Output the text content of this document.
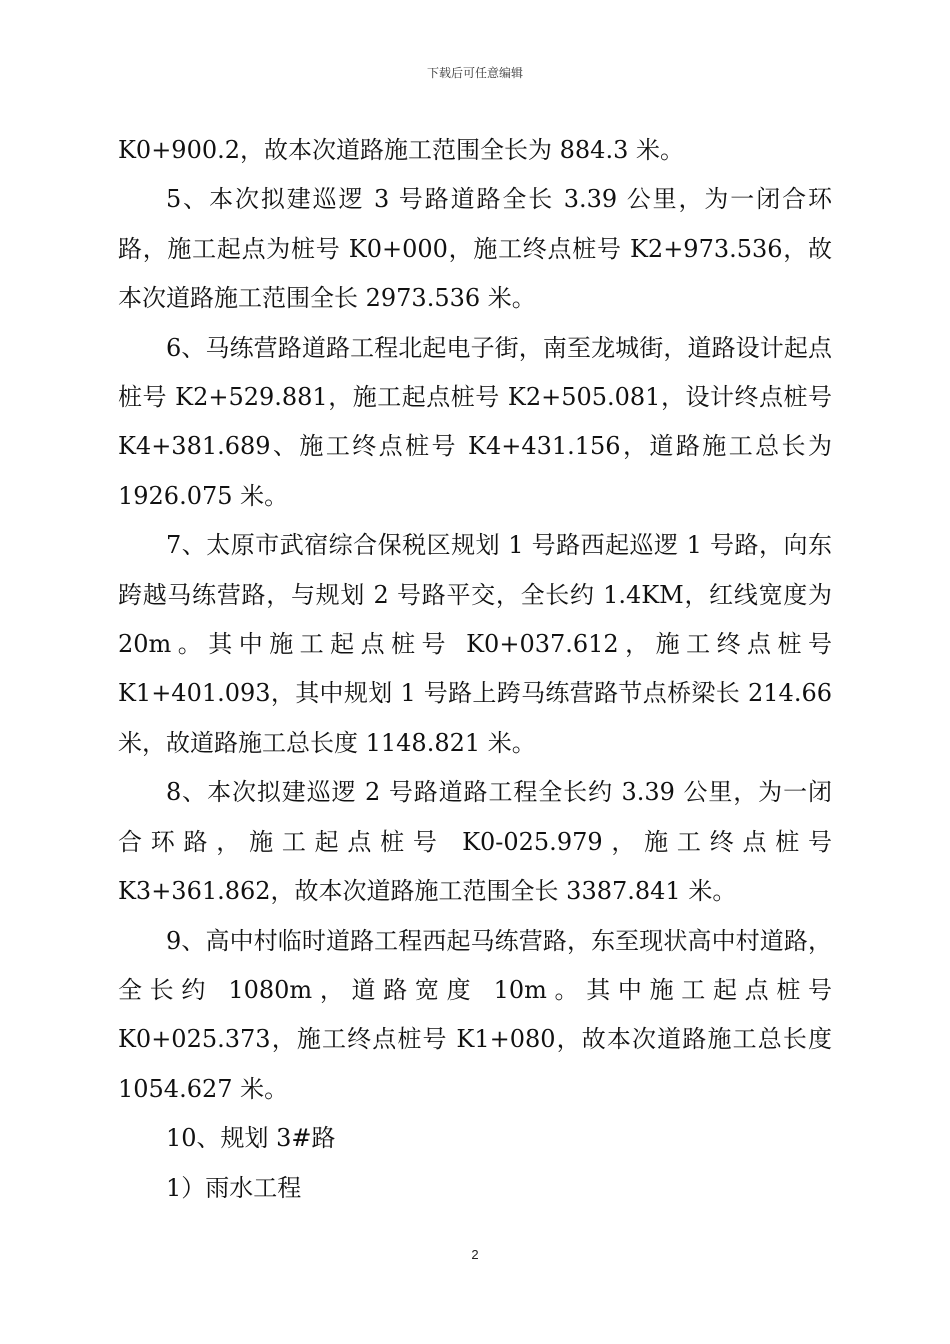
下载后可任意编辑

K0+900.2，故本次道路施工范围全长为 884.3 米。

5、本次拟建巡逻 3 号路道路全长 3.39 公里，为一闭合环路，施工起点为桩号 K0+000，施工终点桩号 K2+973.536，故本次道路施工范围全长 2973.536 米。

6、马练营路道路工程北起电子街，南至龙城街，道路设计起点桩号 K2+529.881，施工起点桩号 K2+505.081，设计终点桩号 K4+381.689、施工终点桩号 K4+431.156，道路施工总长为 1926.075 米。

7、太原市武宿综合保税区规划 1 号路西起巡逻 1 号路，向东跨越马练营路，与规划 2 号路平交，全长约 1.4KM，红线宽度为 20m。其中施工起点桩号 K0+037.612，施工终点桩号 K1+401.093，其中规划 1 号路上跨马练营路节点桥梁长 214.66 米，故道路施工总长度 1148.821 米。

8、本次拟建巡逻 2 号路道路工程全长约 3.39 公里，为一闭合环路，施工起点桩号 K0-025.979，施工终点桩号 K3+361.862，故本次道路施工范围全长 3387.841 米。

9、高中村临时道路工程西起马练营路，东至现状高中村道路，全长约 1080m，道路宽度 10m。其中施工起点桩号 K0+025.373，施工终点桩号 K1+080，故本次道路施工总长度 1054.627 米。

10、规划 3#路

1）雨水工程

2
